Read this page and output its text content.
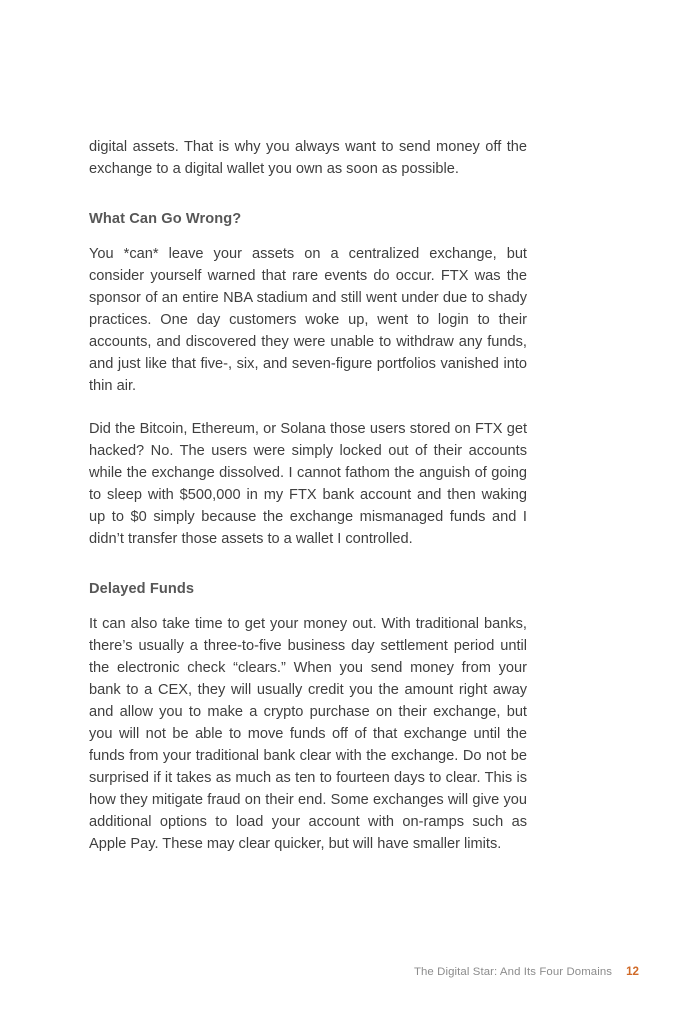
digital assets. That is why you always want to send money off the exchange to a digital wallet you own as soon as possible.

What Can Go Wrong?

You *can* leave your assets on a centralized exchange, but consider yourself warned that rare events do occur. FTX was the sponsor of an entire NBA stadium and still went under due to shady practices. One day customers woke up, went to login to their accounts, and discovered they were unable to withdraw any funds, and just like that five-, six, and seven-figure portfolios vanished into thin air.

Did the Bitcoin, Ethereum, or Solana those users stored on FTX get hacked? No. The users were simply locked out of their accounts while the exchange dissolved. I cannot fathom the anguish of going to sleep with $500,000 in my FTX bank account and then waking up to $0 simply because the exchange mismanaged funds and I didn’t transfer those assets to a wallet I controlled.

Delayed Funds

It can also take time to get your money out. With traditional banks, there’s usually a three-to-five business day settlement period until the electronic check “clears.” When you send money from your bank to a CEX, they will usually credit you the amount right away and allow you to make a crypto purchase on their exchange, but you will not be able to move funds off of that exchange until the funds from your traditional bank clear with the exchange. Do not be surprised if it takes as much as ten to fourteen days to clear. This is how they mitigate fraud on their end. Some exchanges will give you additional options to load your account with on-ramps such as Apple Pay. These may clear quicker, but will have smaller limits.

The Digital Star: And Its Four Domains 12
